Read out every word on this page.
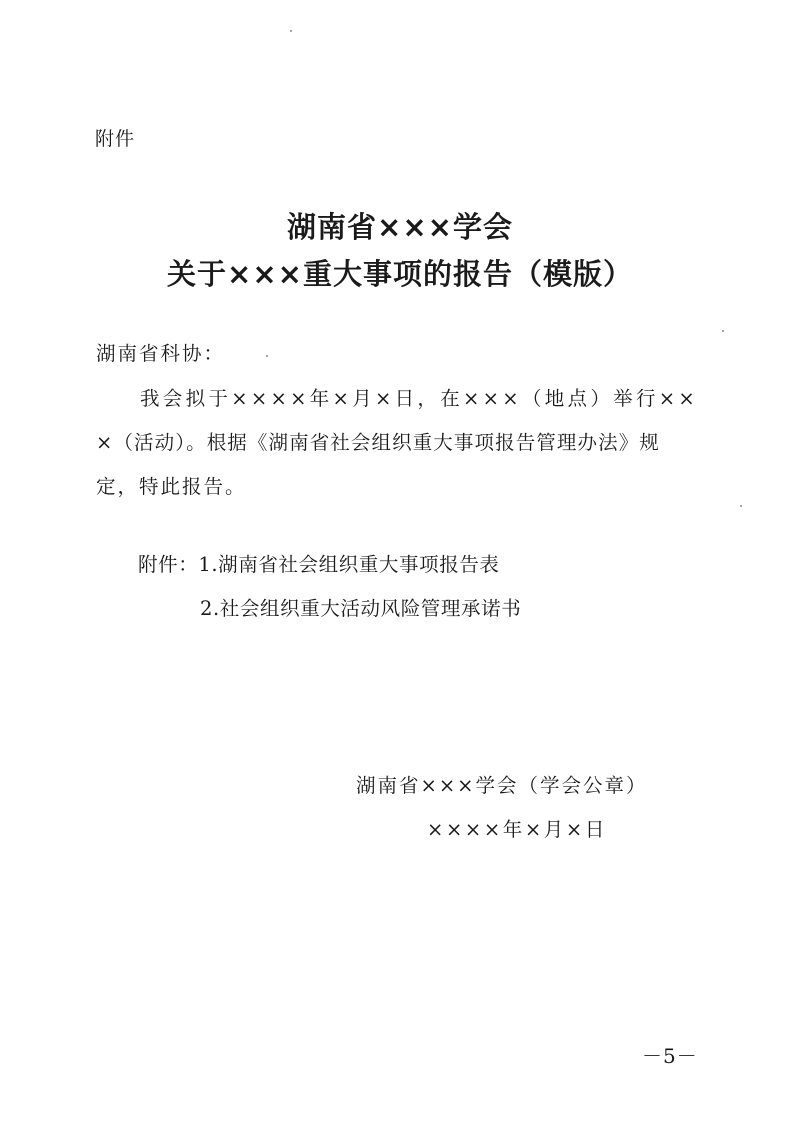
附件
湖南省×××学会
关于×××重大事项的报告（模版）
湖南省科协：
我会拟于××××年×月×日，在×××（地点）举行××
×（活动）。根据《湖南省社会组织重大事项报告管理办法》规
定，特此报告。
附件：1.湖南省社会组织重大事项报告表
2.社会组织重大活动风险管理承诺书
湖南省×××学会（学会公章）
××××年×月×日
－5－
